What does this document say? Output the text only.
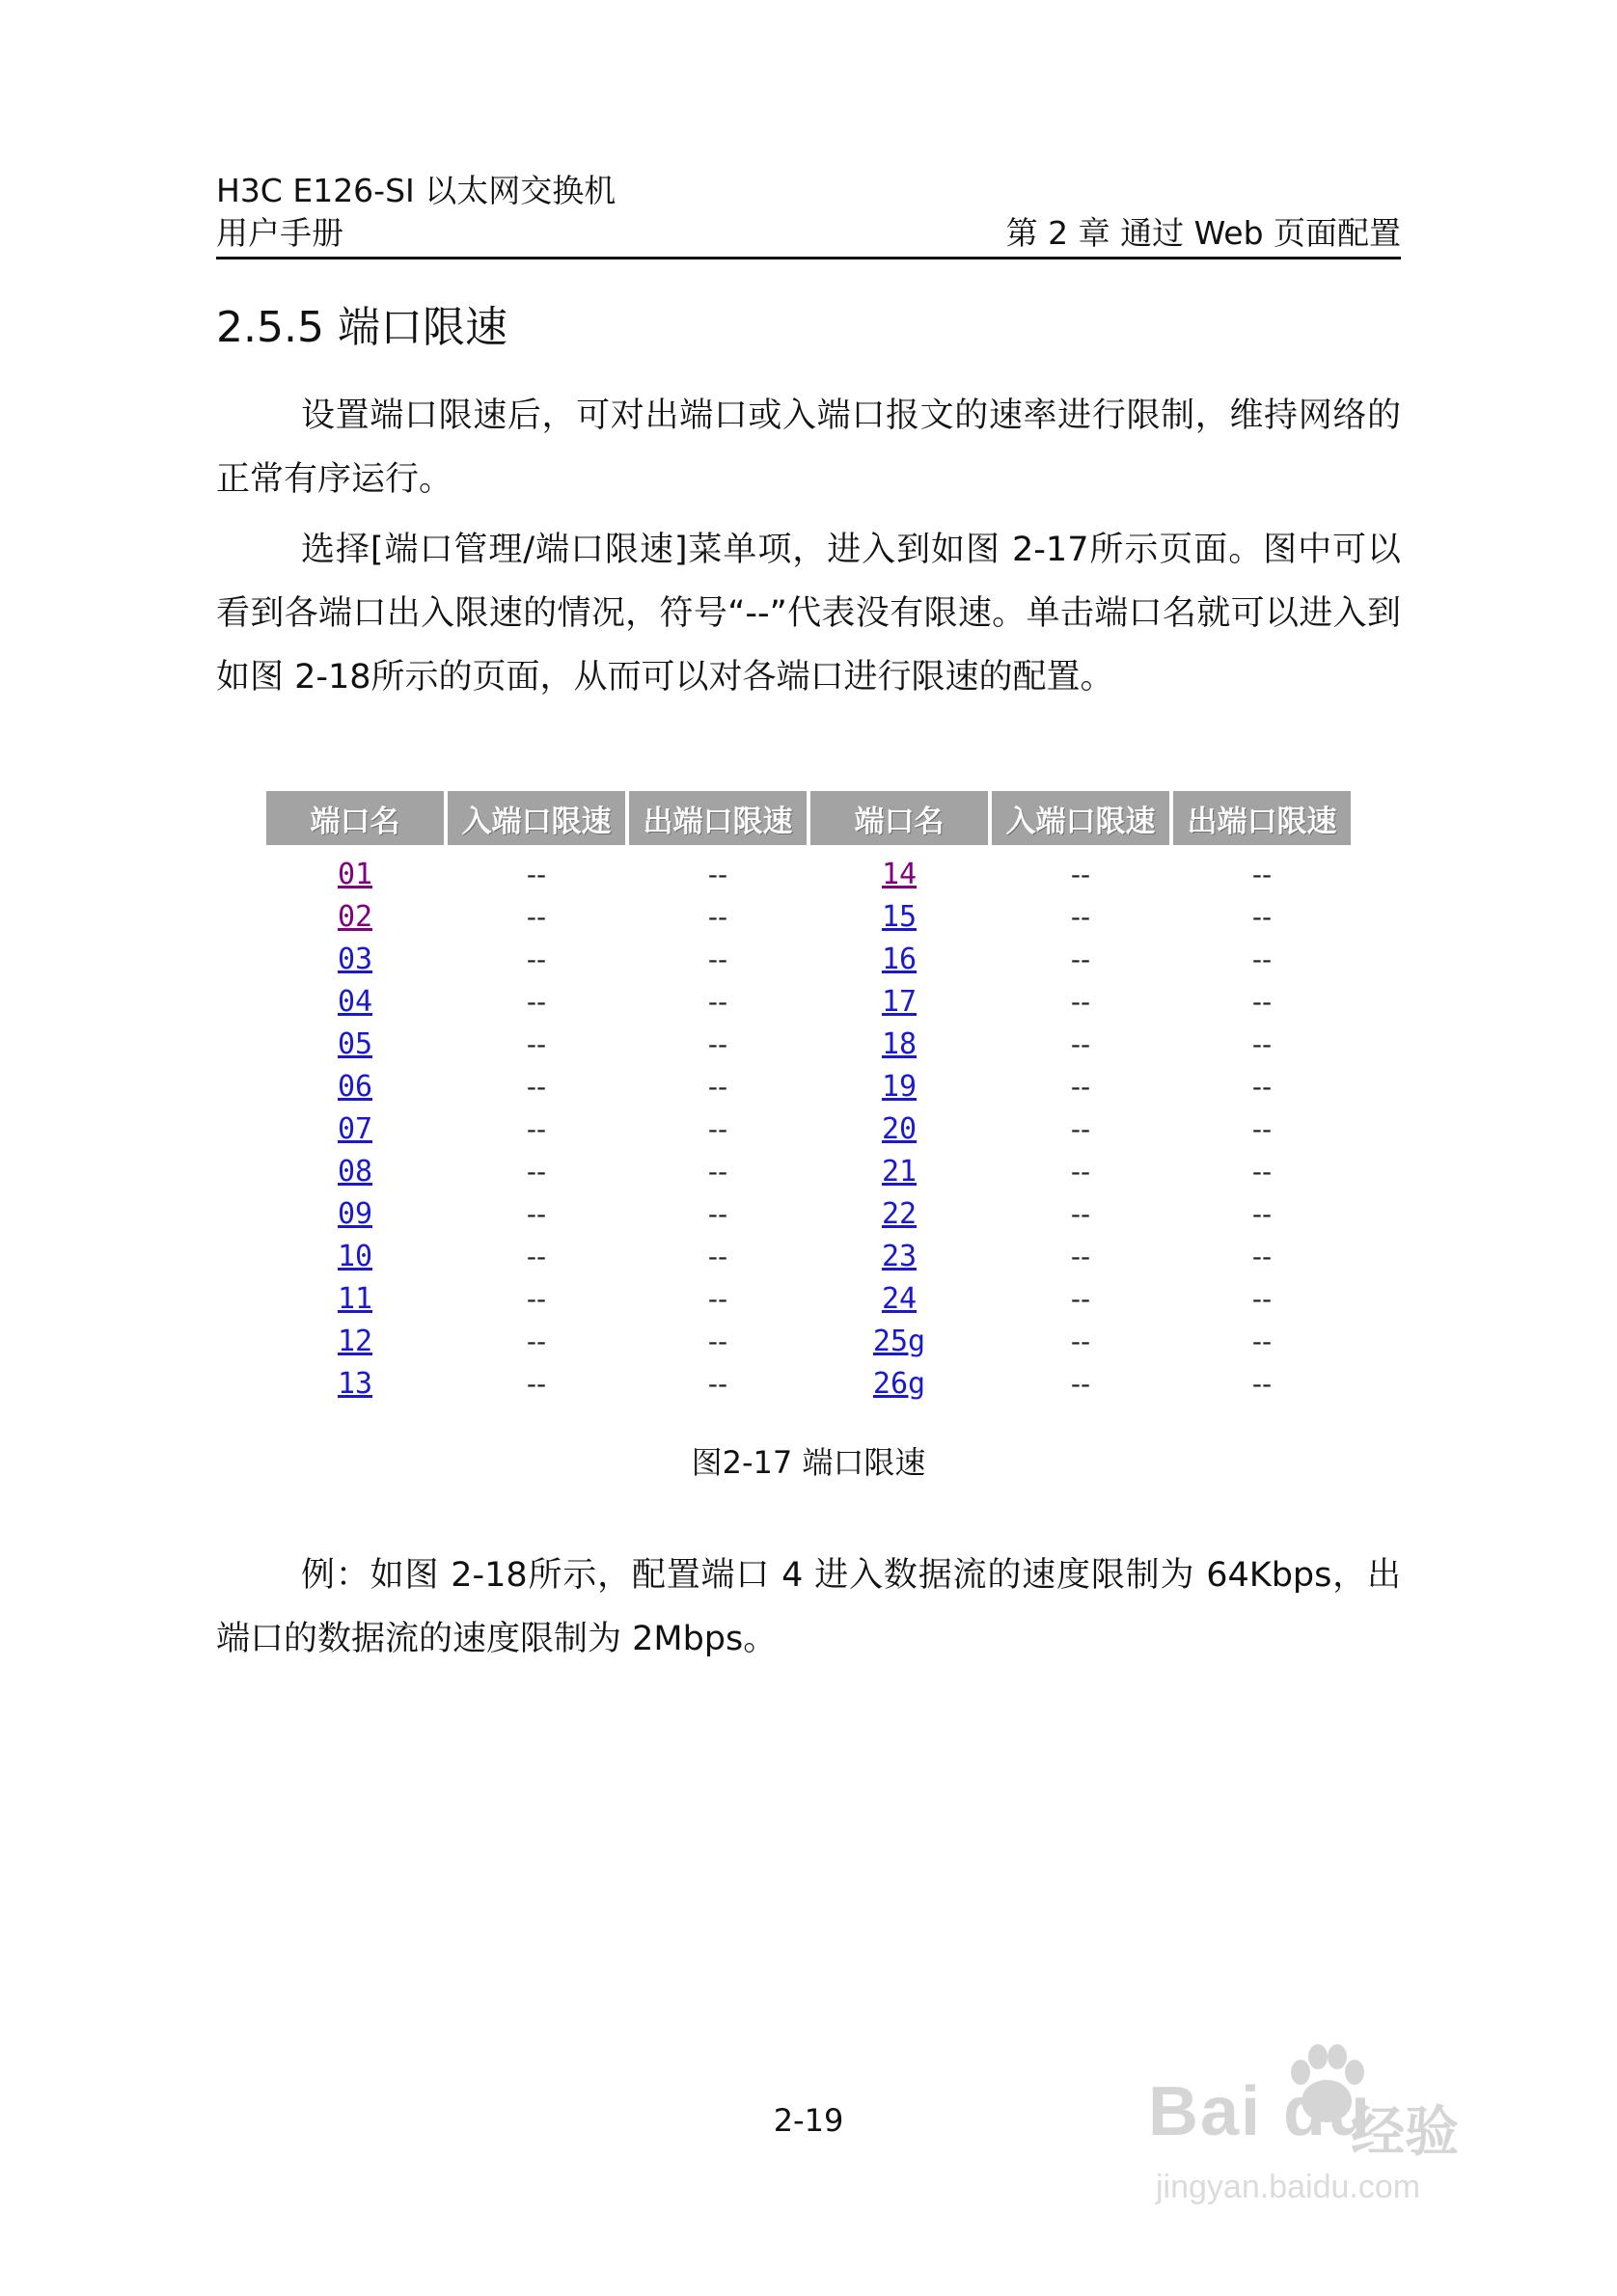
H3C E126-SI 以太网交换机
用户手册	第 2 章 通过 Web 页面配置
2.5.5 端口限速

设置端口限速后，可对出端口或入端口报文的速率进行限制，维持网络的正常有序运行。

选择[端口管理/端口限速]菜单项，进入到如图 2-17所示页面。图中可以看到各端口出入限速的情况，符号“--”代表没有限速。单击端口名就可以进入到如图 2-18所示的页面，从而可以对各端口进行限速的配置。

端口名	入端口限速	出端口限速	端口名	入端口限速	出端口限速
01	--	--	14	--	--
02	--	--	15	--	--
03	--	--	16	--	--
04	--	--	17	--	--
05	--	--	18	--	--
06	--	--	19	--	--
07	--	--	20	--	--
08	--	--	21	--	--
09	--	--	22	--	--
10	--	--	23	--	--
11	--	--	24	--	--
12	--	--	25g	--	--
13	--	--	26g	--	--
图2-17 端口限速

例：如图 2-18所示，配置端口 4 进入数据流的速度限制为 64Kbps，出端口的数据流的速度限制为 2Mbps。

2-19	Bai du
经验
jingyan.baidu.com
